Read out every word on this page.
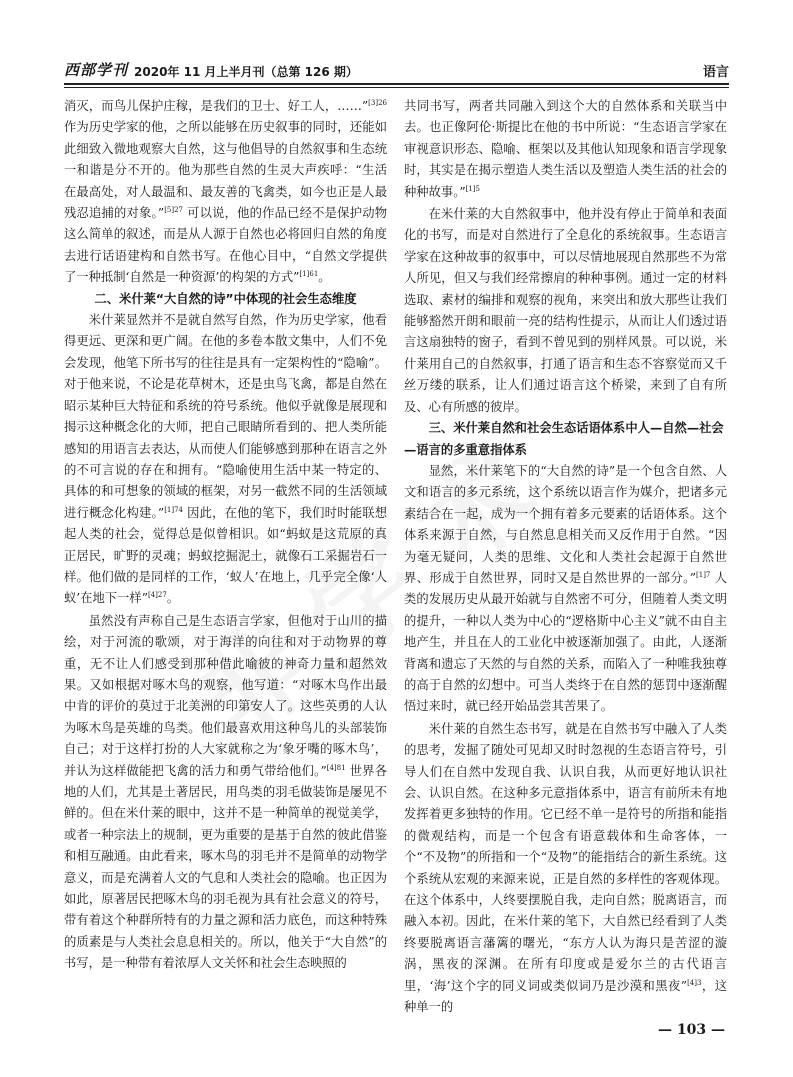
西部学刊 2020年 11 月上半月刊（总第 126 期）	语言

消灭，而鸟儿保护庄稼，是我们的卫士、好工人，……”$^{[3]26}$作为历史学家的他，之所以能够在历史叙事的同时，还能如此细致入微地观察大自然，这与他倡导的自然叙事和生态统一和谐是分不开的。他为那些自然的生灵大声疾呼：“生活在最高处，对人最温和、最友善的飞禽类，如今也正是人最残忍追捕的对象。”$^{[5]27}$ 可以说，他的作品已经不是保护动物这么简单的叙述，而是从人源于自然也必将回归自然的角度去进行话语建构和自然书写。在他心目中，“自然文学提供了一种抵制‘自然是一种资源’的构架的方式”$^{[1]61}$。

二、米什莱“大自然的诗”中体现的社会生态维度

米什莱显然并不是就自然写自然，作为历史学家，他看得更远、更深和更广阔。在他的多卷本散文集中，人们不免会发现，他笔下所书写的往往是具有一定架构性的“隐喻”。对于他来说，不论是花草树木，还是虫鸟飞禽，都是自然在昭示某种巨大特征和系统的符号系统。他似乎就像是展现和揭示这种概念化的大师，把自己眼睛所看到的、把人类所能感知的用语言去表达，从而使人们能够感到那种在语言之外的不可言说的存在和拥有。“隐喻使用生活中某一特定的、具体的和可想象的领域的框架，对另一截然不同的生活领域进行概念化构建。”$^{[1]74}$ 因此，在他的笔下，我们时时能联想起人类的社会，觉得总是似曾相识。如“蚂蚁是这荒原的真正居民，旷野的灵魂；蚂蚁挖掘泥土，就像石工采掘岩石一样。他们做的是同样的工作，‘蚁人’在地上，几乎完全像‘人蚁’在地下一样”$^{[4]27}$。

虽然没有声称自己是生态语言学家，但他对于山川的描绘，对于河流的歌颂，对于海洋的向往和对于动物界的尊重，无不让人们感受到那种借此喻彼的神奇力量和超然效果。又如根据对啄木鸟的观察，他写道：“对啄木鸟作出最中肯的评价的莫过于北美洲的印第安人了。这些英勇的人认为啄木鸟是英雄的鸟类。他们最喜欢用这种鸟儿的头部装饰自己；对于这样打扮的人大家就称之为‘象牙嘴的啄木鸟’，并认为这样做能把飞禽的活力和勇气带给他们。”$^{[4]81}$ 世界各地的人们，尤其是土著居民，用鸟类的羽毛做装饰是屡见不鲜的。但在米什莱的眼中，这并不是一种简单的视觉美学，或者一种宗法上的规制，更为重要的是基于自然的彼此借鉴和相互融通。由此看来，啄木鸟的羽毛并不是简单的动物学意义，而是充满着人文的气息和人类社会的隐喻。也正因为如此，原著居民把啄木鸟的羽毛视为具有社会意义的符号，带有着这个种群所特有的力量之源和活力底色，而这种特殊的质素是与人类社会息息相关的。所以，他关于“大自然”的书写，是一种带有着浓厚人文关怀和社会生态映照的

共同书写，两者共同融入到这个大的自然体系和关联当中去。也正像阿伦·斯提比在他的书中所说：“生态语言学家在审视意识形态、隐喻、框架以及其他认知现象和语言学现象时，其实是在揭示塑造人类生活以及塑造人类生活的社会的种种故事。”$^{[1]5}$

在米什莱的大自然叙事中，他并没有停止于简单和表面化的书写，而是对自然进行了全息化的系统叙事。生态语言学家在这种故事的叙事中，可以尽情地展现自然那些不为常人所见，但又与我们经常擦肩的种种事例。通过一定的材料选取、素材的编排和观察的视角，来突出和放大那些让我们能够豁然开朗和眼前一亮的结构性提示，从而让人们透过语言这扇独特的窗子，看到不曾见到的别样风景。可以说，米什莱用自己的自然叙事，打通了语言和生态不容察觉而又千丝万缕的联系，让人们通过语言这个桥梁，来到了自有所及、心有所感的彼岸。

三、米什莱自然和社会生态话语体系中人—自然—社会—语言的多重意指体系

显然，米什莱笔下的“大自然的诗”是一个包含自然、人文和语言的多元系统，这个系统以语言作为媒介，把诸多元素结合在一起，成为一个拥有着多元要素的话语体系。这个体系来源于自然，与自然息息相关而又反作用于自然。“因为毫无疑问，人类的思维、文化和人类社会起源于自然世界、形成于自然世界，同时又是自然世界的一部分。”$^{[1]7}$ 人类的发展历史从最开始就与自然密不可分，但随着人类文明的提升，一种以人类为中心的“逻格斯中心主义”就不由自主地产生，并且在人的工业化中被逐渐加强了。由此，人逐渐背离和遗忘了天然的与自然的关系，而陷入了一种唯我独尊的高于自然的幻想中。可当人类终于在自然的惩罚中逐渐醒悟过来时，就已经开始品尝其苦果了。

米什莱的自然生态书写，就是在自然书写中融入了人类的思考，发掘了随处可见却又时时忽视的生态语言符号，引导人们在自然中发现自我、认识自我，从而更好地认识社会、认识自然。在这种多元意指体系中，语言有前所未有地发挥着更多独特的作用。它已经不单一是符号的所指和能指的微观结构，而是一个包含有语意载体和生命客体，一个“不及物”的所指和一个“及物”的能指结合的新生系统。这个系统从宏观的来源来说，正是自然的多样性的客观体现。在这个体系中，人终要摆脱自我，走向自然；脱离语言，而融入本初。因此，在米什莱的笔下，大自然已经看到了人类终要脱离语言藩篱的曙光，“东方人认为海只是苦涩的漩涡，黑夜的深渊。在所有印度或是爱尔兰的古代语言里，‘海’这个字的同义词或类似词乃是沙漠和黑夜”$^{[4]3}$，这种单一的

— 103 —
